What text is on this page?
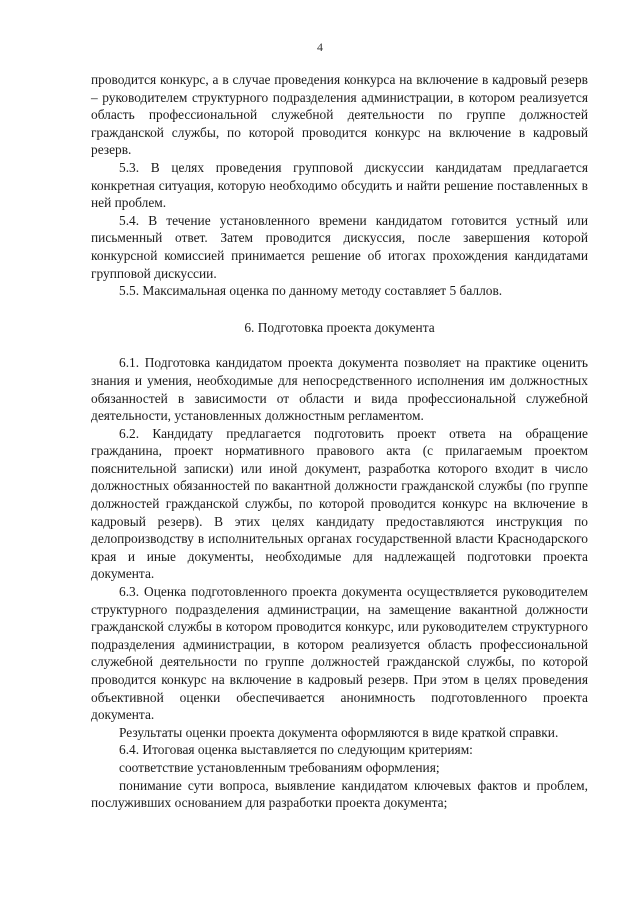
4

проводится конкурс, а в случае проведения конкурса на включение в кадровый резерв – руководителем структурного подразделения администрации, в котором реализуется область профессиональной служебной деятельности по группе должностей гражданской службы, по которой проводится конкурс на включение в кадровый резерв.

5.3. В целях проведения групповой дискуссии кандидатам предлагается конкретная ситуация, которую необходимо обсудить и найти решение поставленных в ней проблем.

5.4. В течение установленного времени кандидатом готовится устный или письменный ответ. Затем проводится дискуссия, после завершения которой конкурсной комиссией принимается решение об итогах прохождения кандидатами групповой дискуссии.

5.5. Максимальная оценка по данному методу составляет 5 баллов.

6. Подготовка проекта документа

6.1. Подготовка кандидатом проекта документа позволяет на практике оценить знания и умения, необходимые для непосредственного исполнения им должностных обязанностей в зависимости от области и вида профессиональной служебной деятельности, установленных должностным регламентом.

6.2. Кандидату предлагается подготовить проект ответа на обращение гражданина, проект нормативного правового акта (с прилагаемым проектом пояснительной записки) или иной документ, разработка которого входит в число должностных обязанностей по вакантной должности гражданской службы (по группе должностей гражданской службы, по которой проводится конкурс на включение в кадровый резерв). В этих целях кандидату предоставляются инструкция по делопроизводству в исполнительных органах государственной власти Краснодарского края и иные документы, необходимые для надлежащей подготовки проекта документа.

6.3. Оценка подготовленного проекта документа осуществляется руководителем структурного подразделения администрации, на замещение вакантной должности гражданской службы в котором проводится конкурс, или руководителем структурного подразделения администрации, в котором реализуется область профессиональной служебной деятельности по группе должностей гражданской службы, по которой проводится конкурс на включение в кадровый резерв. При этом в целях проведения объективной оценки обеспечивается анонимность подготовленного проекта документа.

Результаты оценки проекта документа оформляются в виде краткой справки.

6.4. Итоговая оценка выставляется по следующим критериям:

соответствие установленным требованиям оформления;

понимание сути вопроса, выявление кандидатом ключевых фактов и проблем, послуживших основанием для разработки проекта документа;
